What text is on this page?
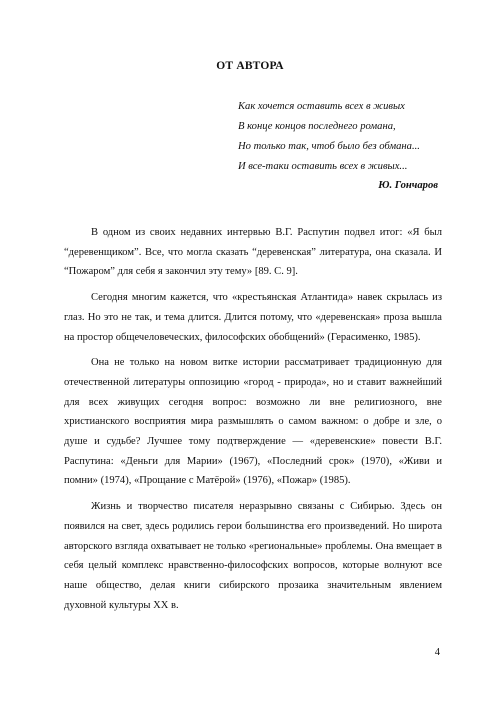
ОТ АВТОРА
Как хочется оставить всех в живых
В конце концов последнего романа,
Но только так, чтоб было без обмана...
И все-таки оставить всех в живых...
Ю. Гончаров

В одном из своих недавних интервью В.Г. Распутин подвел итог: «Я был “деревенщиком”. Все, что могла сказать “деревенская” литература, она сказала. И “Пожаром” для себя я закончил эту тему» [89. С. 9].

Сегодня многим кажется, что «крестьянская Атлантида» навек скрылась из глаз. Но это не так, и тема длится. Длится потому, что «деревенская» проза вышла на простор общечеловеческих, философских обобщений» (Герасименко, 1985).

Она не только на новом витке истории рассматривает традиционную для отечественной литературы оппозицию «город - природа», но и ставит важнейший для всех живущих сегодня вопрос: возможно ли вне религиозного, вне христианского восприятия мира размышлять о самом важном: о добре и зле, о душе и судьбе? Лучшее тому подтверждение — «деревенские» повести В.Г. Распутина: «Деньги для Марии» (1967), «Последний срок» (1970), «Живи и помни» (1974), «Прощание с Матёрой» (1976), «Пожар» (1985).

Жизнь и творчество писателя неразрывно связаны с Сибирью. Здесь он появился на свет, здесь родились герои большинства его произведений. Но широта авторского взгляда охватывает не только «региональные» проблемы. Она вмещает в себя целый комплекс нравственно-философских вопросов, которые волнуют все наше общество, делая книги сибирского прозаика значительным явлением духовной культуры XX в.

4
